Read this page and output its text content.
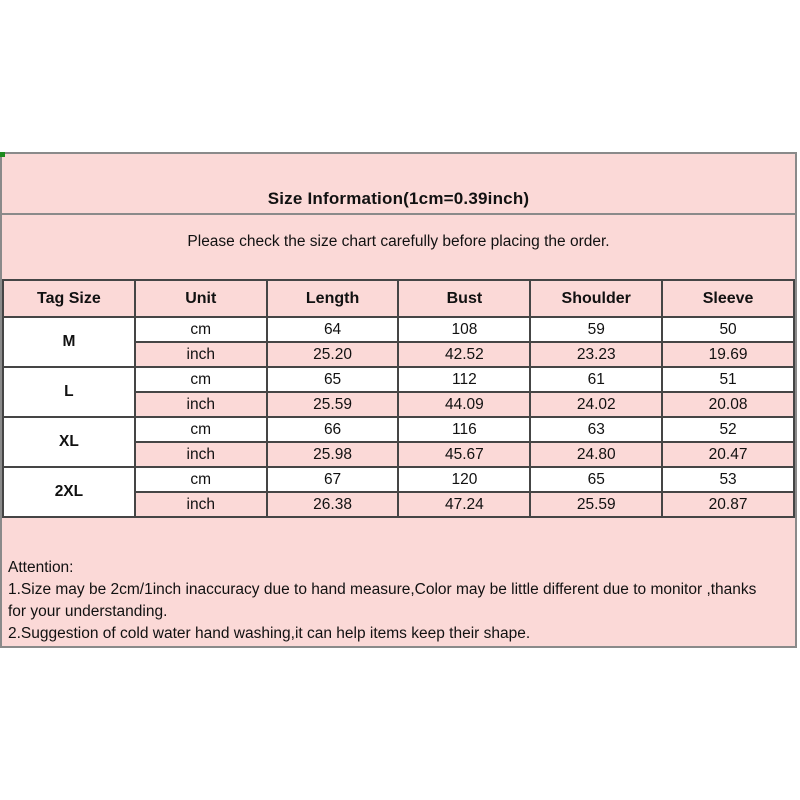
Size Information(1cm=0.39inch)
Please check the size chart carefully before placing the order.
Tag Size	Unit	Length	Bust	Shoulder	Sleeve
M	cm	64	108	59	50
	inch	25.20	42.52	23.23	19.69
L	cm	65	112	61	51
	inch	25.59	44.09	24.02	20.08
XL	cm	66	116	63	52
	inch	25.98	45.67	24.80	20.47
2XL	cm	67	120	65	53
	inch	26.38	47.24	25.59	20.87
Attention:
1.Size may be 2cm/1inch inaccuracy due to hand measure,Color may be little different due to monitor ,thanks
for your understanding.
2.Suggestion of cold water hand washing,it can help items keep their shape.
